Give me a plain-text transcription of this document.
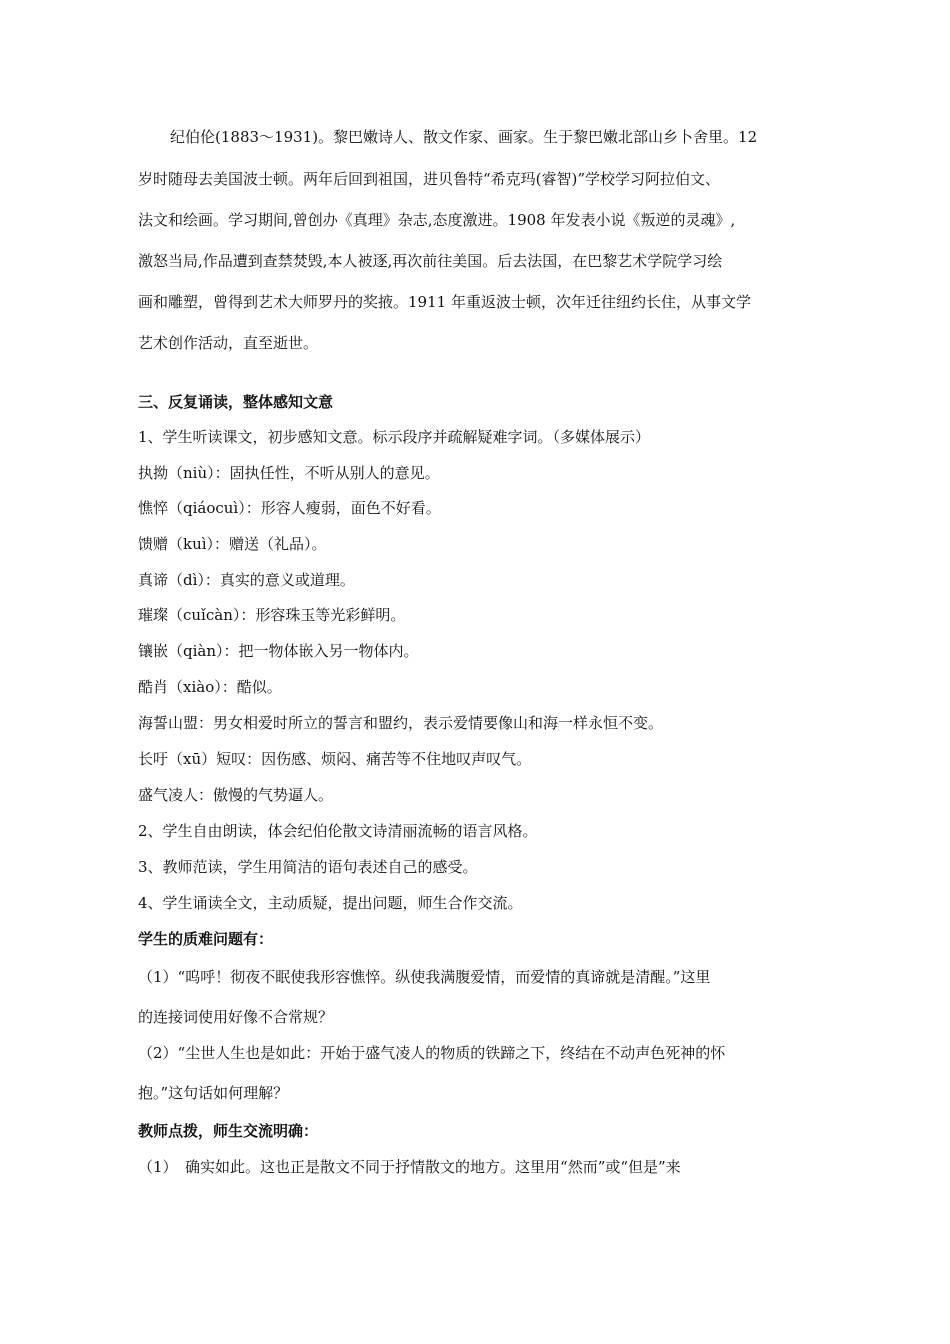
纪伯伦(1883～1931)。黎巴嫩诗人、散文作家、画家。生于黎巴嫩北部山乡卜舍里。12
岁时随母去美国波士顿。两年后回到祖国，进贝鲁特“希克玛(睿智)”学校学习阿拉伯文、
法文和绘画。学习期间,曾创办《真理》杂志,态度激进。1908 年发表小说《叛逆的灵魂》,
激怒当局,作品遭到查禁焚毁,本人被逐,再次前往美国。后去法国，在巴黎艺术学院学习绘
画和雕塑，曾得到艺术大师罗丹的奖掖。1911 年重返波士顿，次年迁往纽约长住，从事文学
艺术创作活动，直至逝世。
三、反复诵读，整体感知文意
1、学生听读课文，初步感知文意。标示段序并疏解疑难字词。（多媒体展示）
执拗（niù）：固执任性，不听从别人的意见。
憔悴（qiáocuì）：形容人瘦弱，面色不好看。
馈赠（kuì）：赠送（礼品）。
真谛（dì）：真实的意义或道理。
璀璨（cuǐcàn）：形容珠玉等光彩鲜明。
镶嵌（qiàn）：把一物体嵌入另一物体内。
酷肖（xiào）：酷似。
海誓山盟：男女相爱时所立的誓言和盟约，表示爱情要像山和海一样永恒不变。
长吁（xū）短叹：因伤感、烦闷、痛苦等不住地叹声叹气。
盛气凌人：傲慢的气势逼人。
2、学生自由朗读，体会纪伯伦散文诗清丽流畅的语言风格。
3、教师范读，学生用简洁的语句表述自己的感受。
4、学生诵读全文，主动质疑，提出问题，师生合作交流。
学生的质难问题有：
（1）“呜呼！彻夜不眠使我形容憔悴。纵使我满腹爱情，而爱情的真谛就是清醒。”这里
的连接词使用好像不合常规？
（2）“尘世人生也是如此：开始于盛气凌人的物质的铁蹄之下，终结在不动声色死神的怀
抱。”这句话如何理解？
教师点拨，师生交流明确：
（1）　确实如此。这也正是散文不同于抒情散文的地方。这里用“然而”或“但是”来
